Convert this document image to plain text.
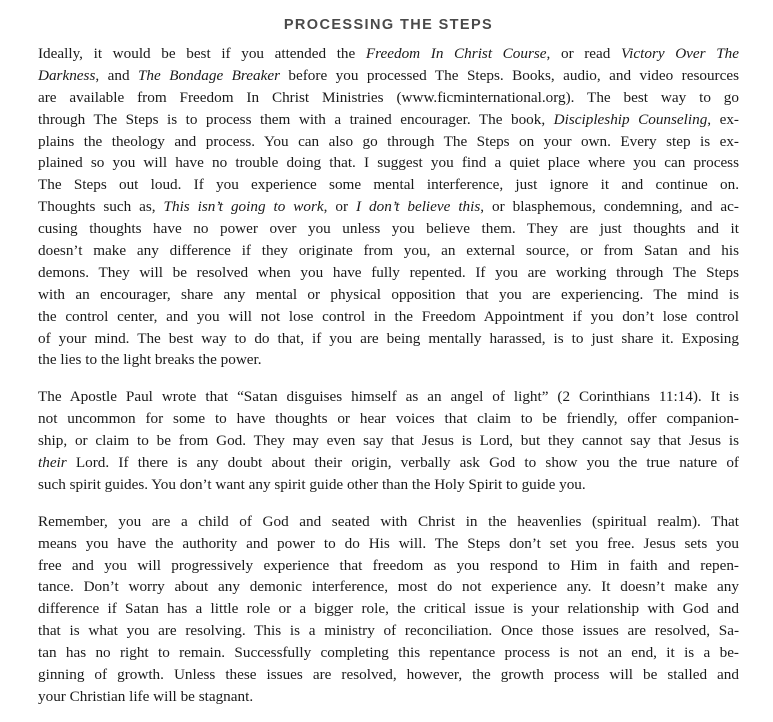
PROCESSING THE STEPS

Ideally, it would be best if you attended the Freedom In Christ Course, or read Victory Over The
Darkness, and The Bondage Breaker before you processed The Steps. Books, audio, and video resources
are available from Freedom In Christ Ministries (www.ficminternational.org). The best way to go
through The Steps is to process them with a trained encourager. The book, Discipleship Counseling, ex-
plains the theology and process. You can also go through The Steps on your own. Every step is ex-
plained so you will have no trouble doing that. I suggest you find a quiet place where you can process
The Steps out loud. If you experience some mental interference, just ignore it and continue on.
Thoughts such as, This isn’t going to work, or I don’t believe this, or blasphemous, condemning, and ac-
cusing thoughts have no power over you unless you believe them. They are just thoughts and it
doesn’t make any difference if they originate from you, an external source, or from Satan and his
demons. They will be resolved when you have fully repented. If you are working through The Steps
with an encourager, share any mental or physical opposition that you are experiencing. The mind is
the control center, and you will not lose control in the Freedom Appointment if you don’t lose control
of your mind. The best way to do that, if you are being mentally harassed, is to just share it. Exposing
the lies to the light breaks the power.

The Apostle Paul wrote that “Satan disguises himself as an angel of light” (2 Corinthians 11:14). It is
not uncommon for some to have thoughts or hear voices that claim to be friendly, offer companion-
ship, or claim to be from God. They may even say that Jesus is Lord, but they cannot say that Jesus is
their Lord. If there is any doubt about their origin, verbally ask God to show you the true nature of
such spirit guides. You don’t want any spirit guide other than the Holy Spirit to guide you.

Remember, you are a child of God and seated with Christ in the heavenlies (spiritual realm). That
means you have the authority and power to do His will. The Steps don’t set you free. Jesus sets you
free and you will progressively experience that freedom as you respond to Him in faith and repen-
tance. Don’t worry about any demonic interference, most do not experience any. It doesn’t make any
difference if Satan has a little role or a bigger role, the critical issue is your relationship with God and
that is what you are resolving. This is a ministry of reconciliation. Once those issues are resolved, Sa-
tan has no right to remain. Successfully completing this repentance process is not an end, it is a be-
ginning of growth. Unless these issues are resolved, however, the growth process will be stalled and
your Christian life will be stagnant.
